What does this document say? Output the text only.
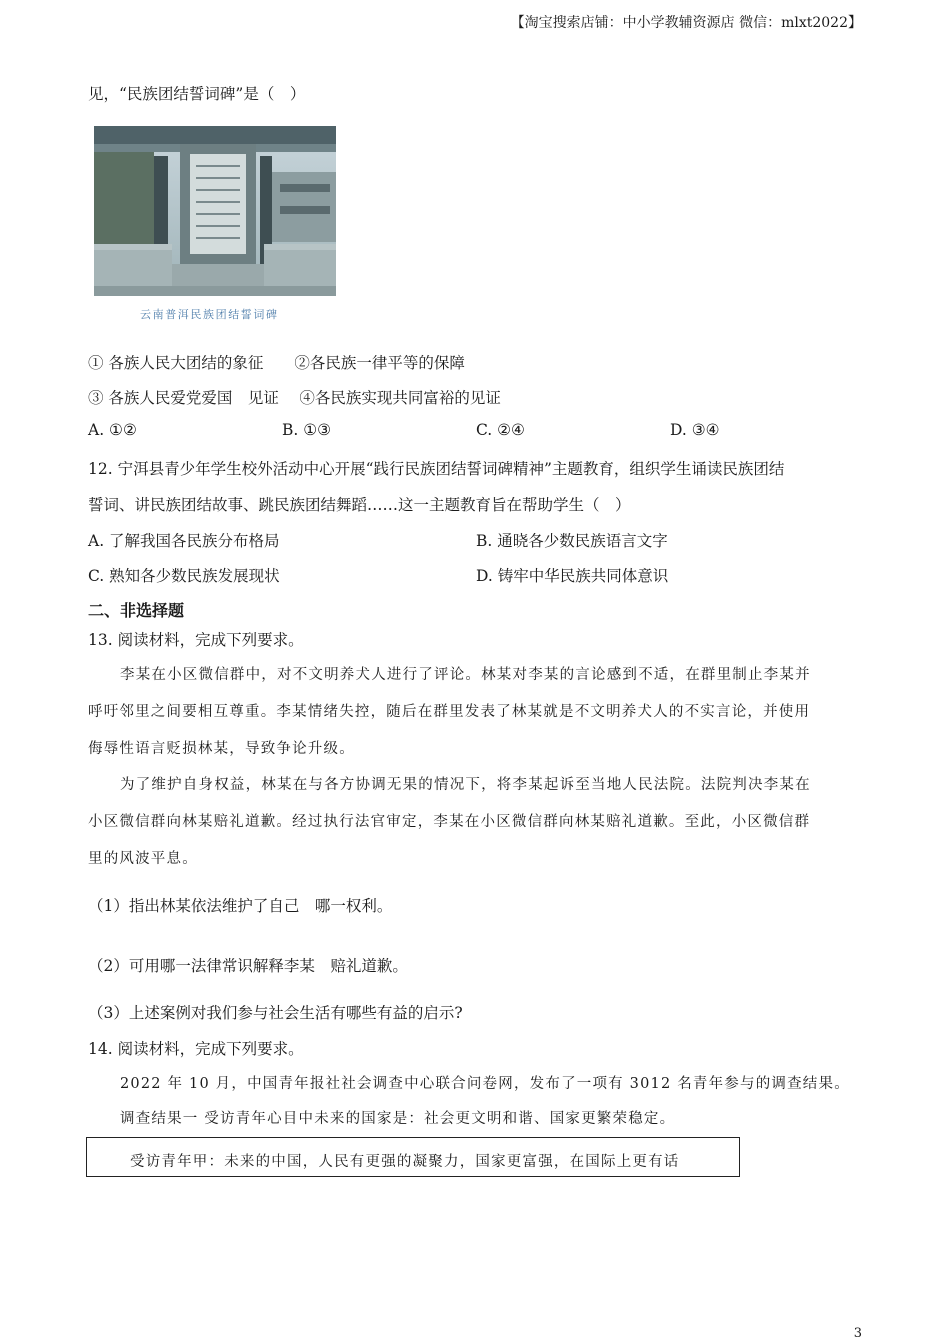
【淘宝搜索店铺：中小学教辅资源店 微信：mlxt2022】
见，“民族团结誓词碑”是（　）
云南普洱民族团结誓词碑
① 各族人民大团结的象征　　②各民族一律平等的保障
③ 各族人民爱党爱国　见证　 ④各民族实现共同富裕的见证
A. ①②	B. ①③	C. ②④	D. ③④
12. 宁洱县青少年学生校外活动中心开展“践行民族团结誓词碑精神”主题教育，组织学生诵读民族团结
誓词、讲民族团结故事、跳民族团结舞蹈……这一主题教育旨在帮助学生（　）
A. 了解我国各民族分布格局	B. 通晓各少数民族语言文字
C. 熟知各少数民族发展现状	D. 铸牢中华民族共同体意识
二、非选择题
13. 阅读材料，完成下列要求。
李某在小区微信群中，对不文明养犬人进行了评论。林某对李某的言论感到不适，在群里制止李某并
呼吁邻里之间要相互尊重。李某情绪失控，随后在群里发表了林某就是不文明养犬人的不实言论，并使用
侮辱性语言贬损林某，导致争论升级。
为了维护自身权益，林某在与各方协调无果的情况下，将李某起诉至当地人民法院。法院判决李某在
小区微信群向林某赔礼道歉。经过执行法官审定，李某在小区微信群向林某赔礼道歉。至此，小区微信群
里的风波平息。
（1）指出林某依法维护了自己　哪一权利。
（2）可用哪一法律常识解释李某　赔礼道歉。
（3）上述案例对我们参与社会生活有哪些有益的启示?
14. 阅读材料，完成下列要求。
2022 年 10 月，中国青年报社社会调查中心联合问卷网，发布了一项有 3012 名青年参与的调查结果。
调查结果一 受访青年心目中未来的国家是：社会更文明和谐、国家更繁荣稳定。
受访青年甲：未来的中国，人民有更强的凝聚力，国家更富强，在国际上更有话
3
